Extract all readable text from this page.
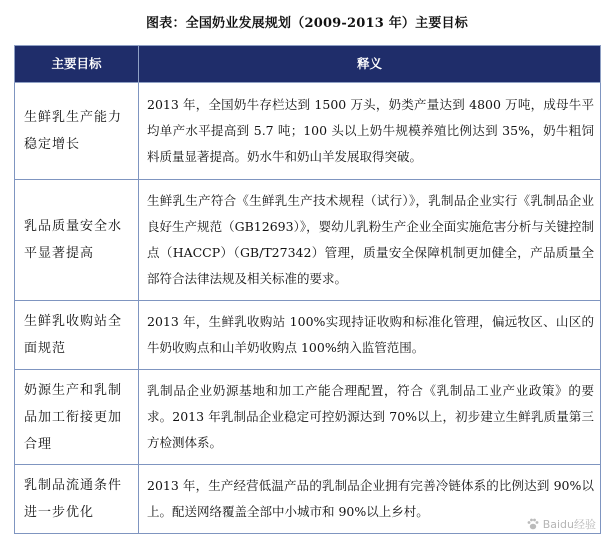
图表：全国奶业发展规划（2009-2013 年）主要目标
主要目标	释义
生鲜乳生产能力稳定增长	2013 年，全国奶牛存栏达到 1500 万头，奶类产量达到 4800 万吨，成母牛平均单产水平提高到 5.7 吨；100 头以上奶牛规模养殖比例达到 35%，奶牛粗饲料质量显著提高。奶水牛和奶山羊发展取得突破。
乳品质量安全水平显著提高	生鲜乳生产符合《生鲜乳生产技术规程（试行）》，乳制品企业实行《乳制品企业良好生产规范（GB12693）》，婴幼儿乳粉生产企业全面实施危害分析与关键控制点（HACCP）（GB/T27342）管理，质量安全保障机制更加健全，产品质量全部符合法律法规及相关标准的要求。
生鲜乳收购站全面规范	2013 年，生鲜乳收购站 100%实现持证收购和标准化管理，偏远牧区、山区的牛奶收购点和山羊奶收购点 100%纳入监管范围。
奶源生产和乳制品加工衔接更加合理	乳制品企业奶源基地和加工产能合理配置，符合《乳制品工业产业政策》的要求。2013 年乳制品企业稳定可控奶源达到 70%以上，初步建立生鲜乳质量第三方检测体系。
乳制品流通条件进一步优化	2013 年，生产经营低温产品的乳制品企业拥有完善冷链体系的比例达到 90%以上。配送网络覆盖全部中小城市和 90%以上乡村。
Baidu经验
